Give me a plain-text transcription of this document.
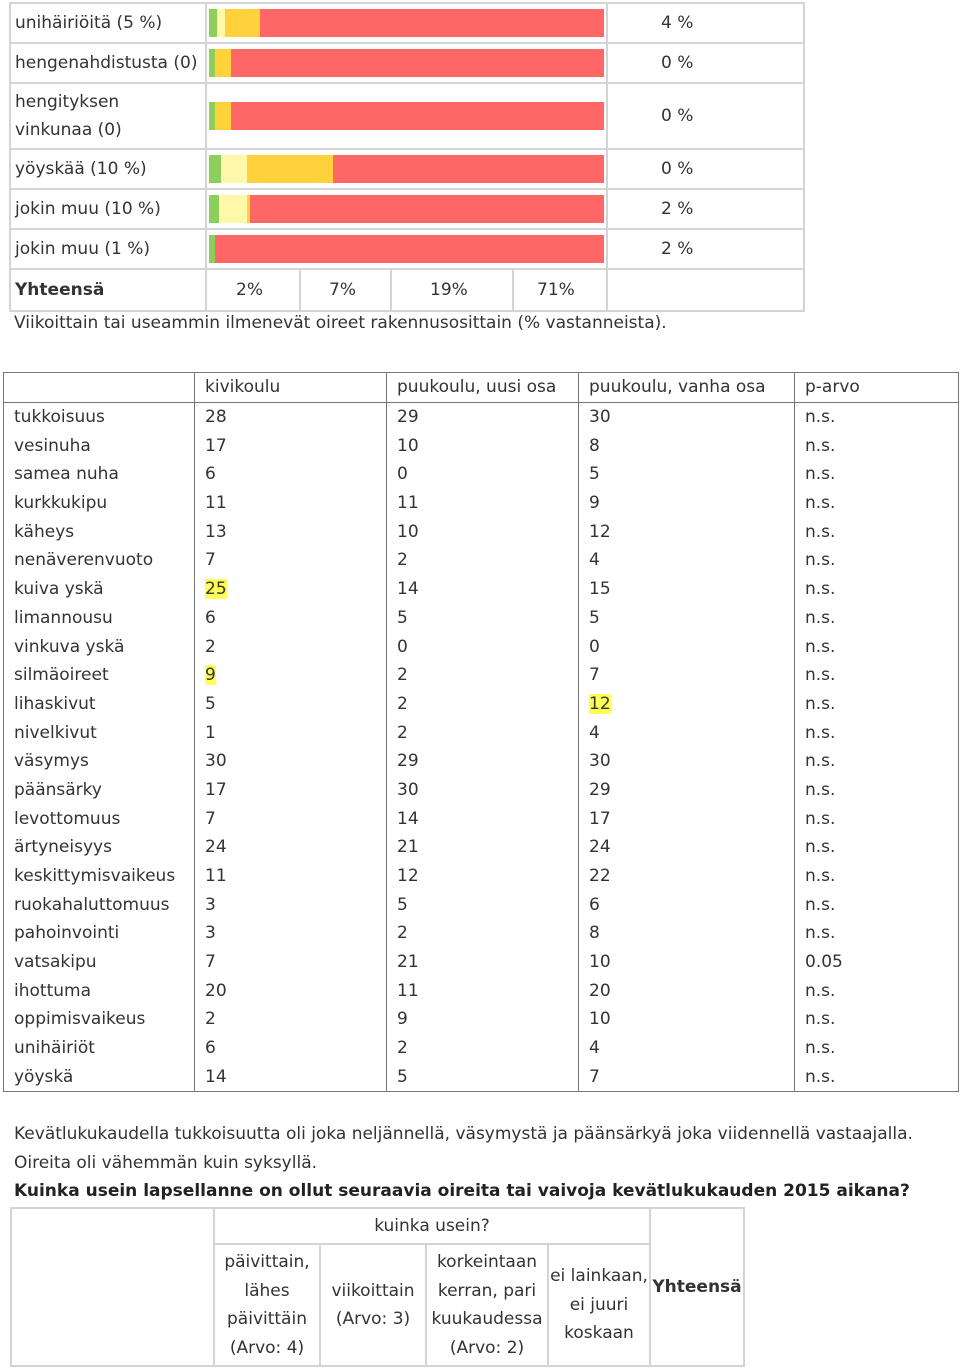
unihäiriöitä (5 %)		4 %
hengenahdistusta (0)		0 %
hengityksen vinkunaa (0)		0 %
yöyskää (10 %)		0 %
jokin muu (10 %)		2 %
jokin muu (1 %)		2 %
Yhteensä	2% 7% 19% 71%	

Viikoittain tai useammin ilmenevät oireet rakennusosittain (% vastanneista).
	kivikoulu	puukoulu, uusi osa	puukoulu, vanha osa	p-arvo
tukkoisuus	28	29	30	n.s.
vesinuha	17	10	8	n.s.
samea nuha	6	0	5	n.s.
kurkkukipu	11	11	9	n.s.
käheys	13	10	12	n.s.
nenäverenvuoto	7	2	4	n.s.
kuiva yskä	25	14	15	n.s.
limannousu	6	5	5	n.s.
vinkuva yskä	2	0	0	n.s.
silmäoireet	9	2	7	n.s.
lihaskivut	5	2	12	n.s.
nivelkivut	1	2	4	n.s.
väsymys	30	29	30	n.s.
päänsärky	17	30	29	n.s.
levottomuus	7	14	17	n.s.
ärtyneisyys	24	21	24	n.s.
keskittymisvaikeus	11	12	22	n.s.
ruokahaluttomuus	3	5	6	n.s.
pahoinvointi	3	2	8	n.s.
vatsakipu	7	21	10	0.05
ihottuma	20	11	20	n.s.
oppimisvaikeus	2	9	10	n.s.
unihäiriöt	6	2	4	n.s.
yöyskä	14	5	7	n.s.
Kevätlukukaudella tukkoisuutta oli joka neljännellä, väsymystä ja päänsärkyä joka viidennellä vastaajalla.
Oireita oli vähemmän kuin syksyllä.
Kuinka usein lapsellanne on ollut seuraavia oireita tai vaivoja kevätlukukauden 2015 aikana?
	kuinka usein?				Yhteensä
	päivittain, lähes päivittäin (Arvo: 4)	viikoittain (Arvo: 3)	korkeintaan kerran, pari kuukaudessa (Arvo: 2)	ei lainkaan, ei juuri koskaan	
